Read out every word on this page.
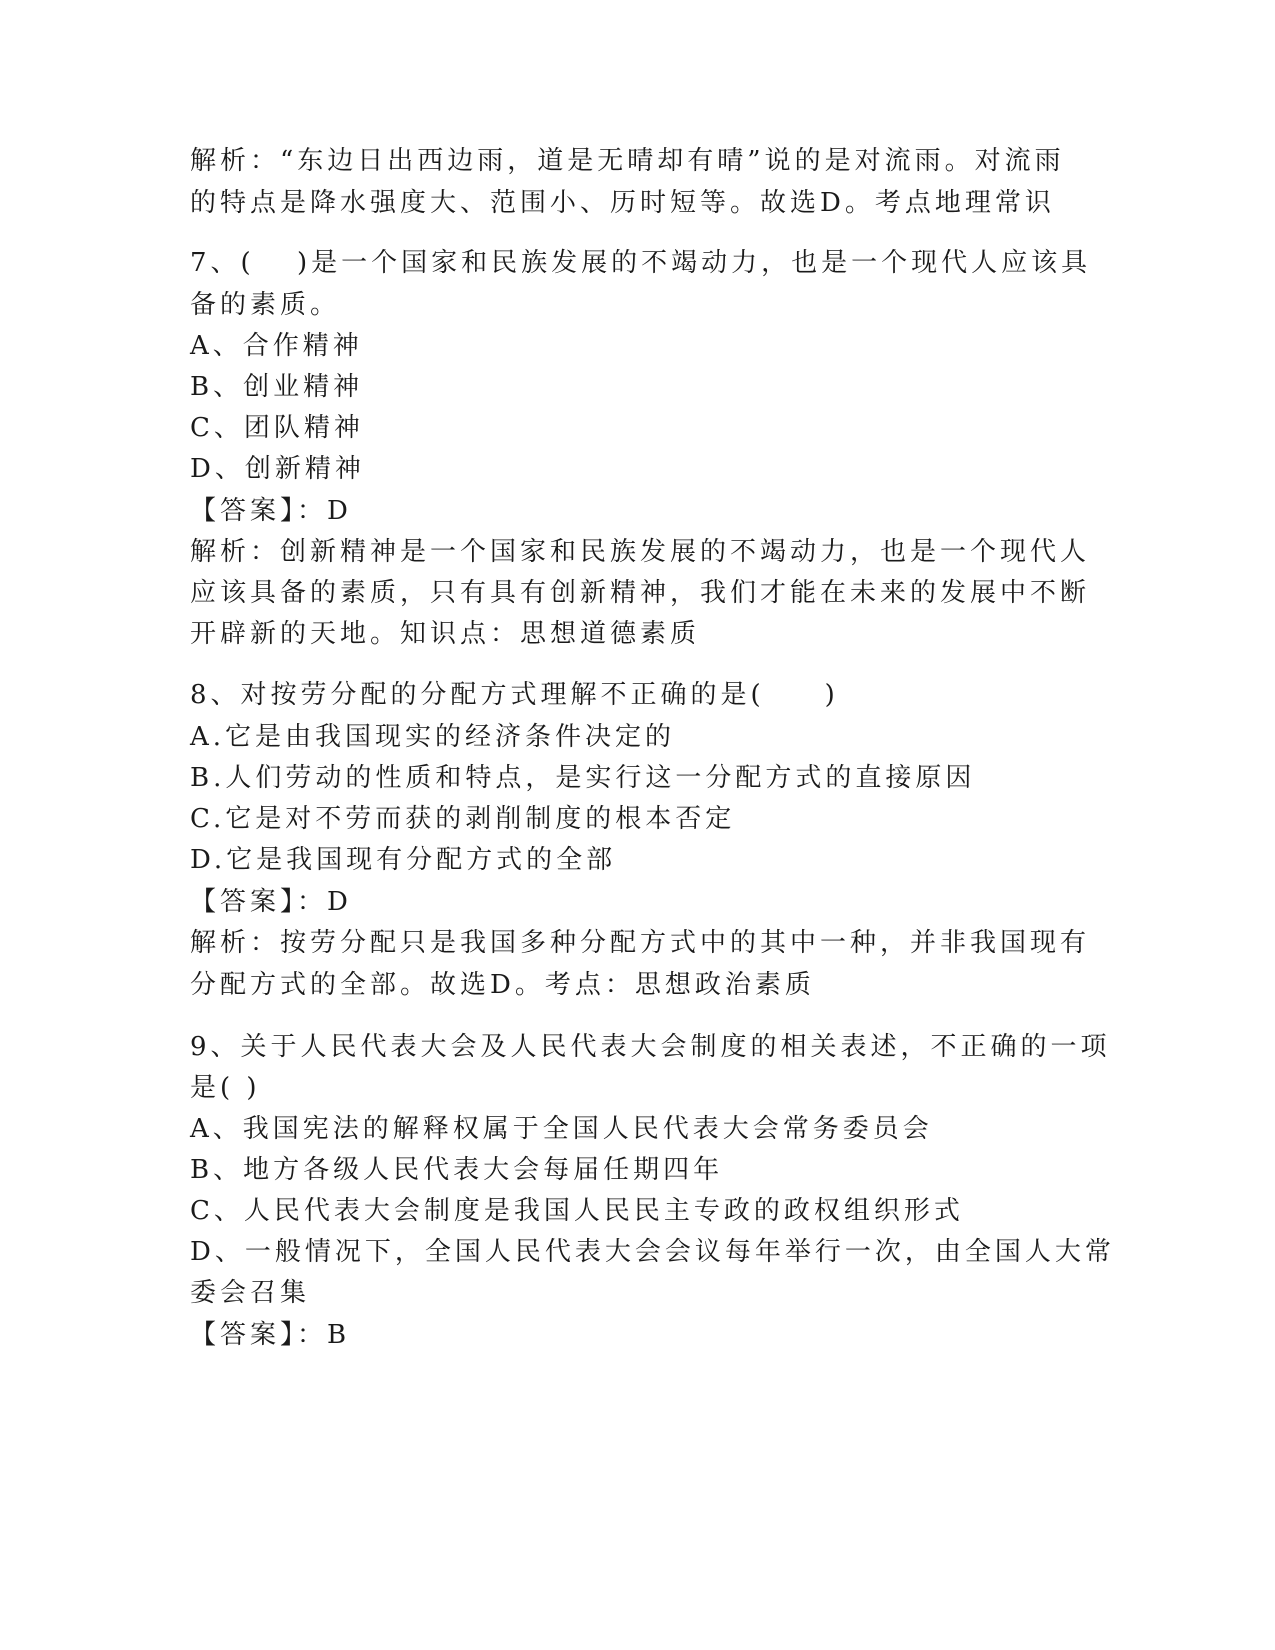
解析：“东边日出西边雨，道是无晴却有晴”说的是对流雨。对流雨
的特点是降水强度大、范围小、历时短等。故选D。考点地理常识
7、(　 )是一个国家和民族发展的不竭动力，也是一个现代人应该具
备的素质。
A、合作精神
B、创业精神
C、团队精神
D、创新精神
【答案】：D
解析：创新精神是一个国家和民族发展的不竭动力，也是一个现代人
应该具备的素质，只有具有创新精神，我们才能在未来的发展中不断
开辟新的天地。知识点：思想道德素质
8、对按劳分配的分配方式理解不正确的是(　　)
A.它是由我国现实的经济条件决定的
B.人们劳动的性质和特点，是实行这一分配方式的直接原因
C.它是对不劳而获的剥削制度的根本否定
D.它是我国现有分配方式的全部
【答案】：D
解析：按劳分配只是我国多种分配方式中的其中一种，并非我国现有
分配方式的全部。故选D。考点：思想政治素质
9、关于人民代表大会及人民代表大会制度的相关表述，不正确的一项
是( )
A、我国宪法的解释权属于全国人民代表大会常务委员会
B、地方各级人民代表大会每届任期四年
C、人民代表大会制度是我国人民民主专政的政权组织形式
D、一般情况下，全国人民代表大会会议每年举行一次，由全国人大常
委会召集
【答案】：B
